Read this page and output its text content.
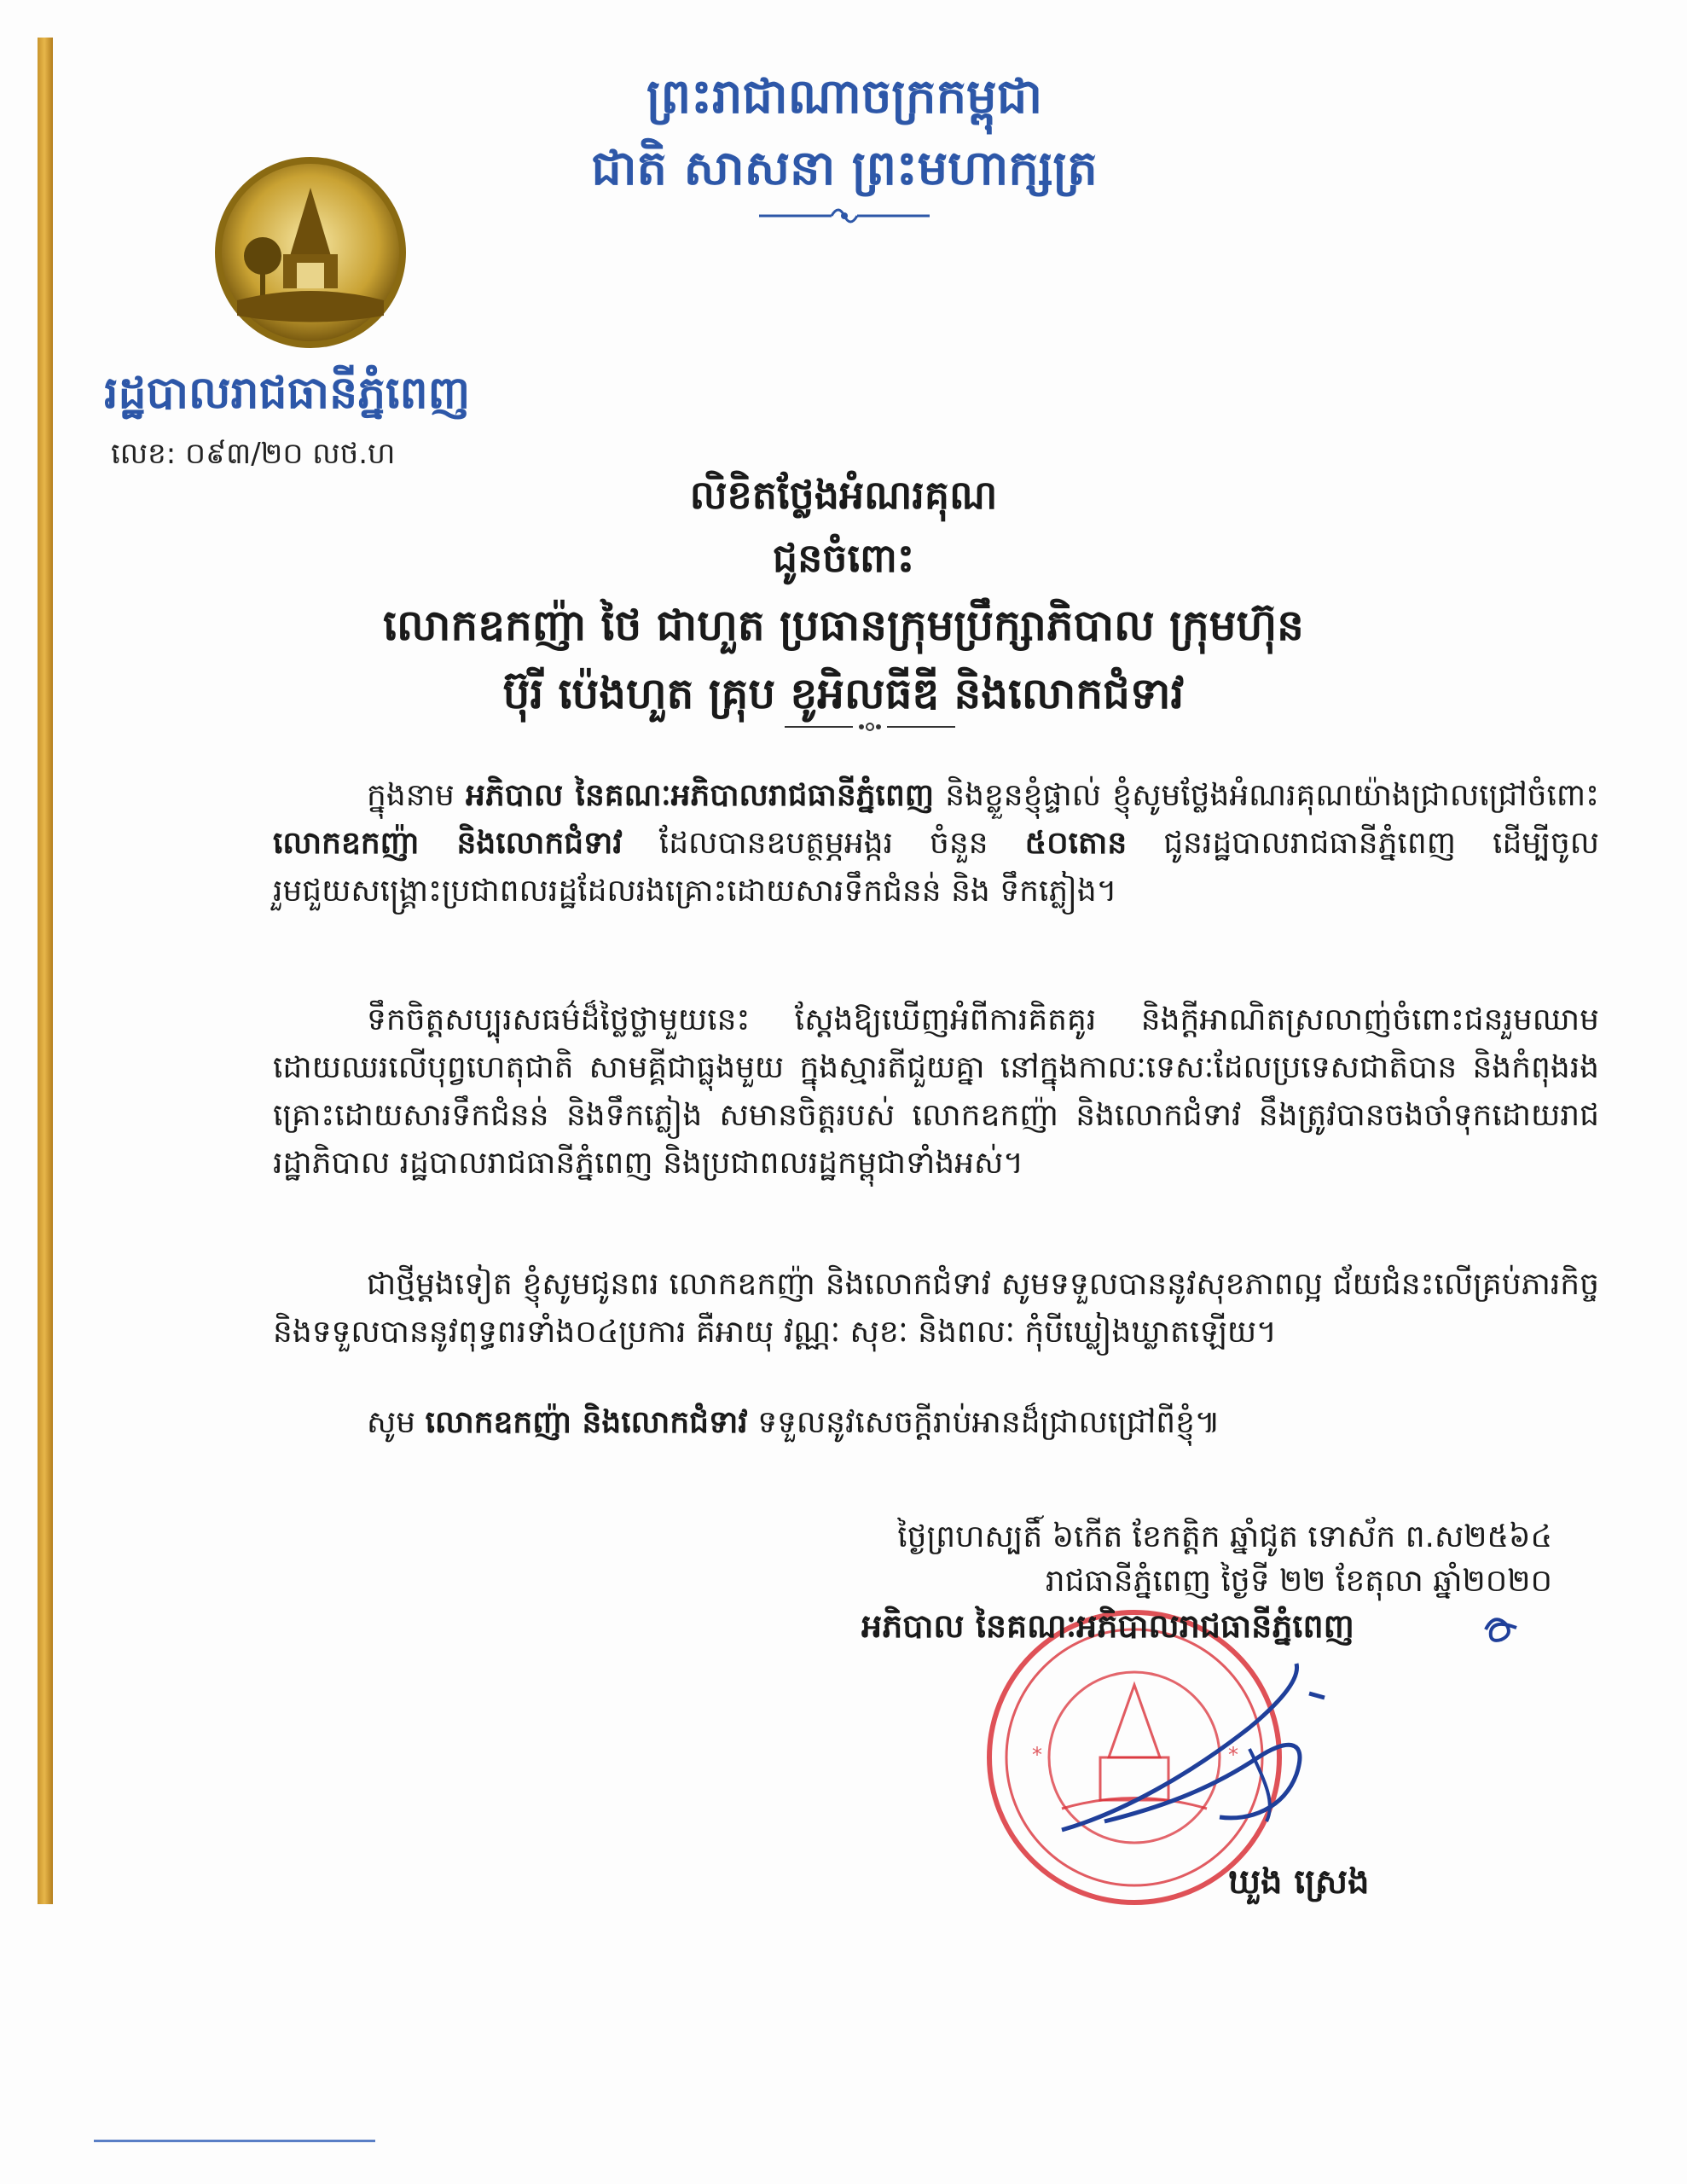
ព្រះរាជាណាចក្រកម្ពុជា
ជាតិ សាសនា ព្រះមហាក្សត្រ
រដ្ឋបាលរាជធានីភ្នំពេញ
លេខ: ០៩៣/២០ លថ.ហ
លិខិតថ្លែងអំណរគុណ
ជូនចំពោះ
លោកឧកញ៉ា ថៃ ជាហួត ប្រធានក្រុមប្រឹក្សាភិបាល ក្រុមហ៊ុន
ប៊ុរី ប៉េងហួត គ្រុប ខូអិលធីឌី និងលោកជំទាវ
ក្នុងនាម អភិបាល នៃគណៈអភិបាលរាជធានីភ្នំពេញ និងខ្លួនខ្ញុំផ្ទាល់ ខ្ញុំសូមថ្លែងអំណរគុណយ៉ាងជ្រាលជ្រៅចំពោះ លោកឧកញ៉ា និងលោកជំទាវ ដែលបានឧបត្ថម្ភអង្ករ ចំនួន ៥០តោន ជូនរដ្ឋបាលរាជធានីភ្នំពេញ ដើម្បីចូលរួមជួយសង្គ្រោះប្រជាពលរដ្ឋដែលរងគ្រោះដោយសារទឹកជំនន់ និង ទឹកភ្លៀង។
ទឹកចិត្តសប្បុរសធម៌ដ៏ថ្លៃថ្លាមួយនេះ ស្តែងឱ្យឃើញអំពីការគិតគូរ និងក្តីអាណិតស្រលាញ់ចំពោះជនរួមឈាម ដោយឈរលើបុព្វហេតុជាតិ សាមគ្គីជាធ្លុងមួយ ក្នុងស្មារតីជួយគ្នា នៅក្នុងកាលៈទេសៈដែលប្រទេសជាតិបាន និងកំពុងរងគ្រោះដោយសារទឹកជំនន់ និងទឹកភ្លៀង សមានចិត្តរបស់ លោកឧកញ៉ា និងលោកជំទាវ នឹងត្រូវបានចងចាំទុកដោយរាជរដ្ឋាភិបាល រដ្ឋបាលរាជធានីភ្នំពេញ និងប្រជាពលរដ្ឋកម្ពុជាទាំងអស់។
ជាថ្មីម្តងទៀត ខ្ញុំសូមជូនពរ លោកឧកញ៉ា និងលោកជំទាវ សូមទទួលបាននូវសុខភាពល្អ ជ័យជំនះលើគ្រប់ភារកិច្ច និងទទួលបាននូវពុទ្ធពរទាំង០៤ប្រការ គឺអាយុ វណ្ណៈ សុខៈ និងពលៈ កុំបីឃ្លៀងឃ្លាតឡើយ។
សូម លោកឧកញ៉ា និងលោកជំទាវ ទទួលនូវសេចក្តីរាប់អានដ៏ជ្រាលជ្រៅពីខ្ញុំ៕
ថ្ងៃព្រហស្បតិ៍ ៦កើត ខែកត្តិក ឆ្នាំជូត ទោស័ក ព.ស២៥៦៤
រាជធានីភ្នំពេញ ថ្ងៃទី ២២ ខែតុលា ឆ្នាំ២០២០
*	*
អភិបាល នៃគណៈអភិបាលរាជធានីភ្នំពេញ
ឃួង ស្រេង
